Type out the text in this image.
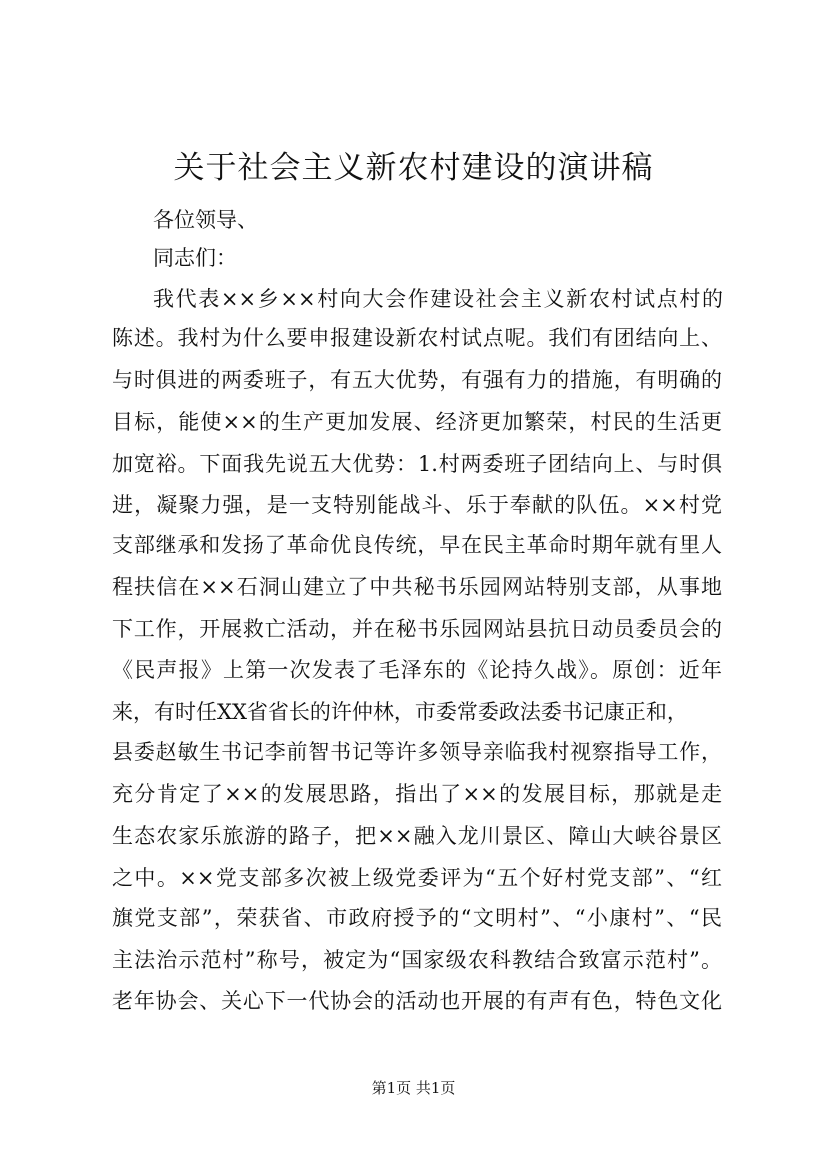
关于社会主义新农村建设的演讲稿
各位领导、
同志们：
我代表××乡××村向大会作建设社会主义新农村试点村的
陈述。我村为什么要申报建设新农村试点呢。我们有团结向上、
与时俱进的两委班子，有五大优势，有强有力的措施，有明确的
目标，能使××的生产更加发展、经济更加繁荣，村民的生活更
加宽裕。下面我先说五大优势：1.村两委班子团结向上、与时俱
进，凝聚力强，是一支特别能战斗、乐于奉献的队伍。××村党
支部继承和发扬了革命优良传统，早在民主革命时期年就有里人
程扶信在××石洞山建立了中共秘书乐园网站特别支部，从事地
下工作，开展救亡活动，并在秘书乐园网站县抗日动员委员会的
《民声报》上第一次发表了毛泽东的《论持久战》。原创：近年
来，有时任XX省省长的许仲林，市委常委政法委书记康正和，
县委赵敏生书记李前智书记等许多领导亲临我村视察指导工作，
充分肯定了××的发展思路，指出了××的发展目标，那就是走
生态农家乐旅游的路子，把××融入龙川景区、障山大峡谷景区
之中。××党支部多次被上级党委评为“五个好村党支部”、“红
旗党支部”，荣获省、市政府授予的“文明村”、“小康村”、“民
主法治示范村”称号，被定为“国家级农科教结合致富示范村”。
老年协会、关心下一代协会的活动也开展的有声有色，特色文化
第1页 共1页
